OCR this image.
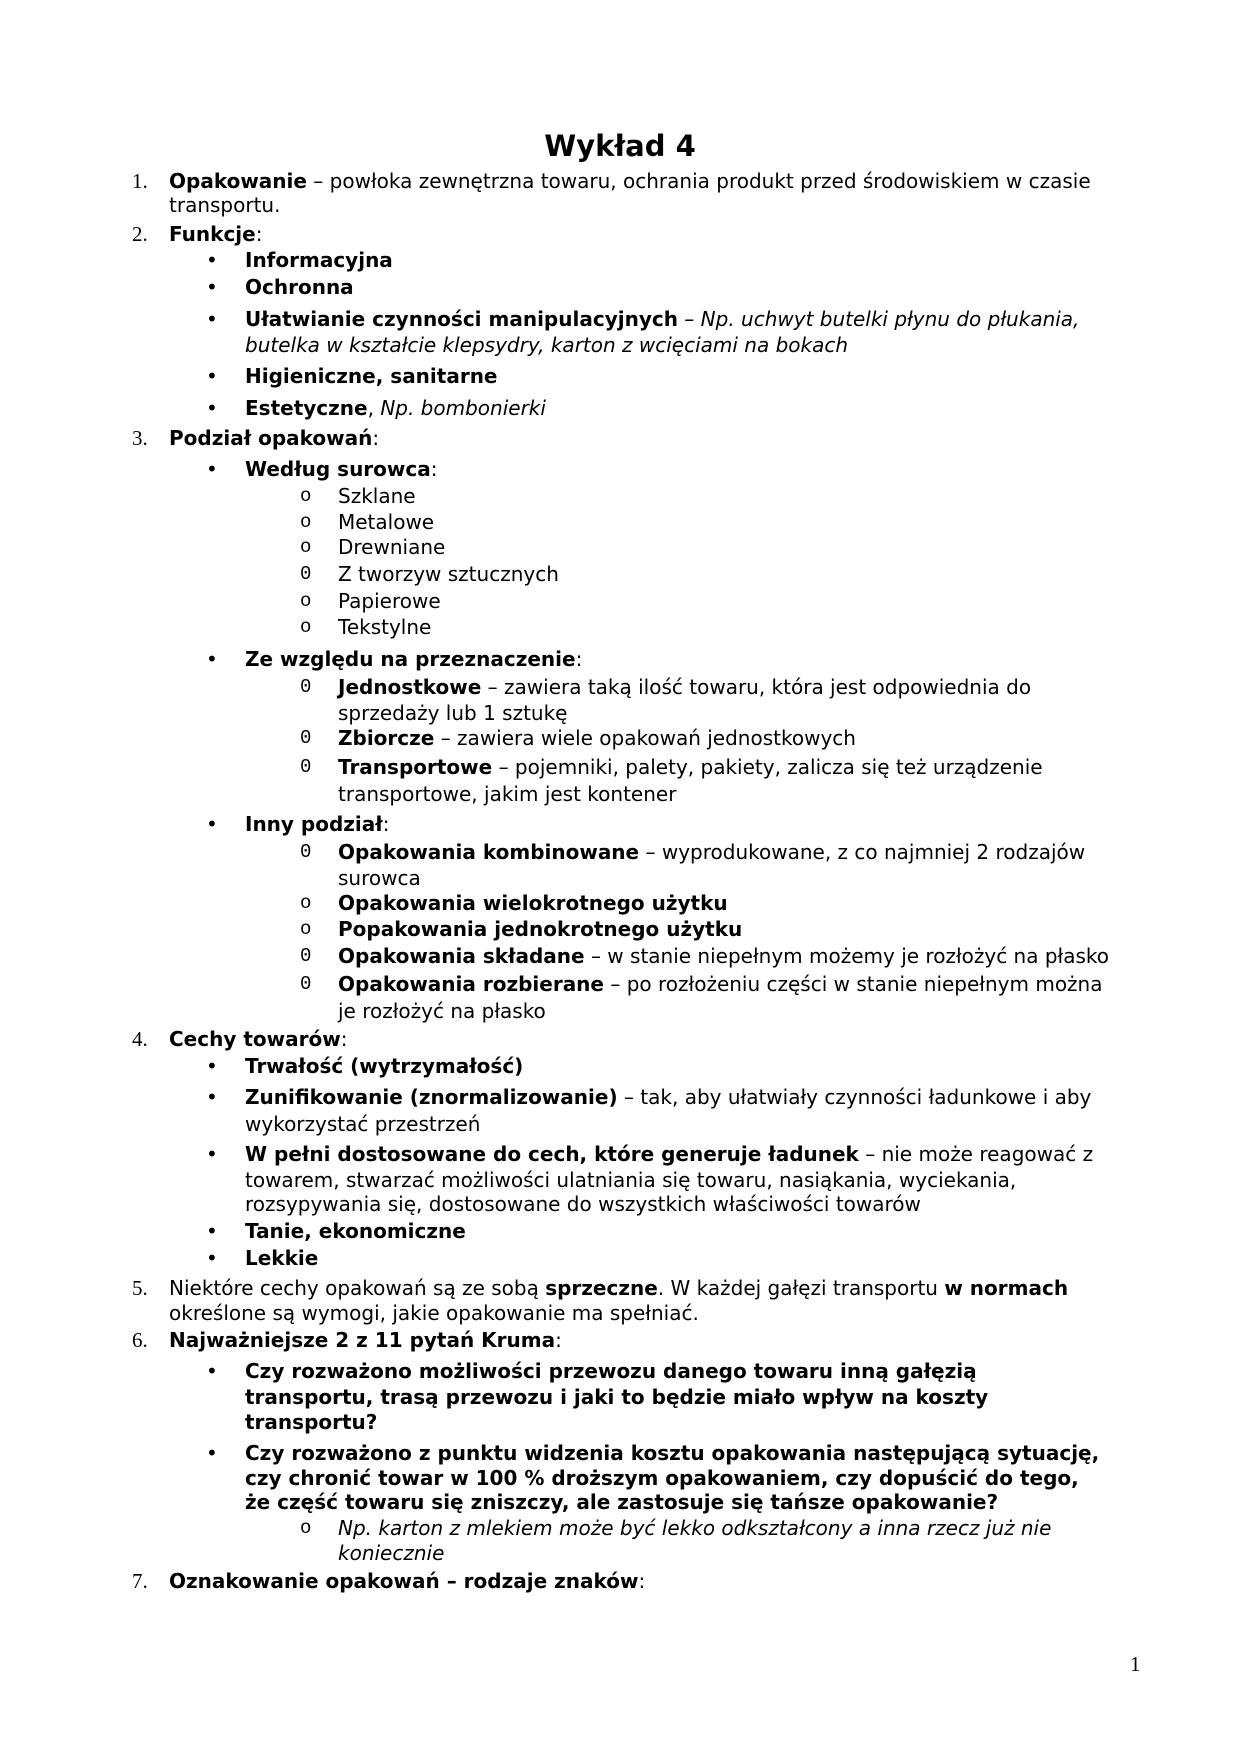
Wykład 4
1. Opakowanie – powłoka zewnętrzna towaru, ochrania produkt przed środowiskiem w czasie
transportu.
2. Funkcje:
•
Informacyjna
•
Ochronna
•
Ułatwianie czynności manipulacyjnych – Np. uchwyt butelki płynu do płukania,
butelka w kształcie klepsydry, karton z wcięciami na bokach
•
Higieniczne, sanitarne
•
Estetyczne, Np. bombonierki
3. Podział opakowań:
•
Według surowca:
o
Szklane
o
Metalowe
o
Drewniane
0
Z tworzyw sztucznych
o
Papierowe
o
Tekstylne
•
Ze względu na przeznaczenie:
0
Jednostkowe – zawiera taką ilość towaru, która jest odpowiednia do
sprzedaży lub 1 sztukę
0
Zbiorcze – zawiera wiele opakowań jednostkowych
0
Transportowe – pojemniki, palety, pakiety, zalicza się też urządzenie
transportowe, jakim jest kontener
•
Inny podział:
0
Opakowania kombinowane – wyprodukowane, z co najmniej 2 rodzajów
surowca
o
Opakowania wielokrotnego użytku
o
Popakowania jednokrotnego użytku
0
Opakowania składane – w stanie niepełnym możemy je rozłożyć na płasko
0
Opakowania rozbierane – po rozłożeniu części w stanie niepełnym można
je rozłożyć na płasko
4. Cechy towarów:
•
Trwałość (wytrzymałość)
•
Zunifikowanie (znormalizowanie) – tak, aby ułatwiały czynności ładunkowe i aby
wykorzystać przestrzeń
•
W pełni dostosowane do cech, które generuje ładunek – nie może reagować z
towarem, stwarzać możliwości ulatniania się towaru, nasiąkania, wyciekania,
rozsypywania się, dostosowane do wszystkich właściwości towarów
•
Tanie, ekonomiczne
•
Lekkie
5. Niektóre cechy opakowań są ze sobą sprzeczne. W każdej gałęzi transportu w normach
określone są wymogi, jakie opakowanie ma spełniać.
6. Najważniejsze 2 z 11 pytań Kruma:
•
Czy rozważono możliwości przewozu danego towaru inną gałęzią
transportu, trasą przewozu i jaki to będzie miało wpływ na koszty
transportu?
•
Czy rozważono z punktu widzenia kosztu opakowania następującą sytuację,
czy chronić towar w 100 % droższym opakowaniem, czy dopuścić do tego,
że część towaru się zniszczy, ale zastosuje się tańsze opakowanie?
o
Np. karton z mlekiem może być lekko odkształcony a inna rzecz już nie
koniecznie
7. Oznakowanie opakowań – rodzaje znaków:
1
